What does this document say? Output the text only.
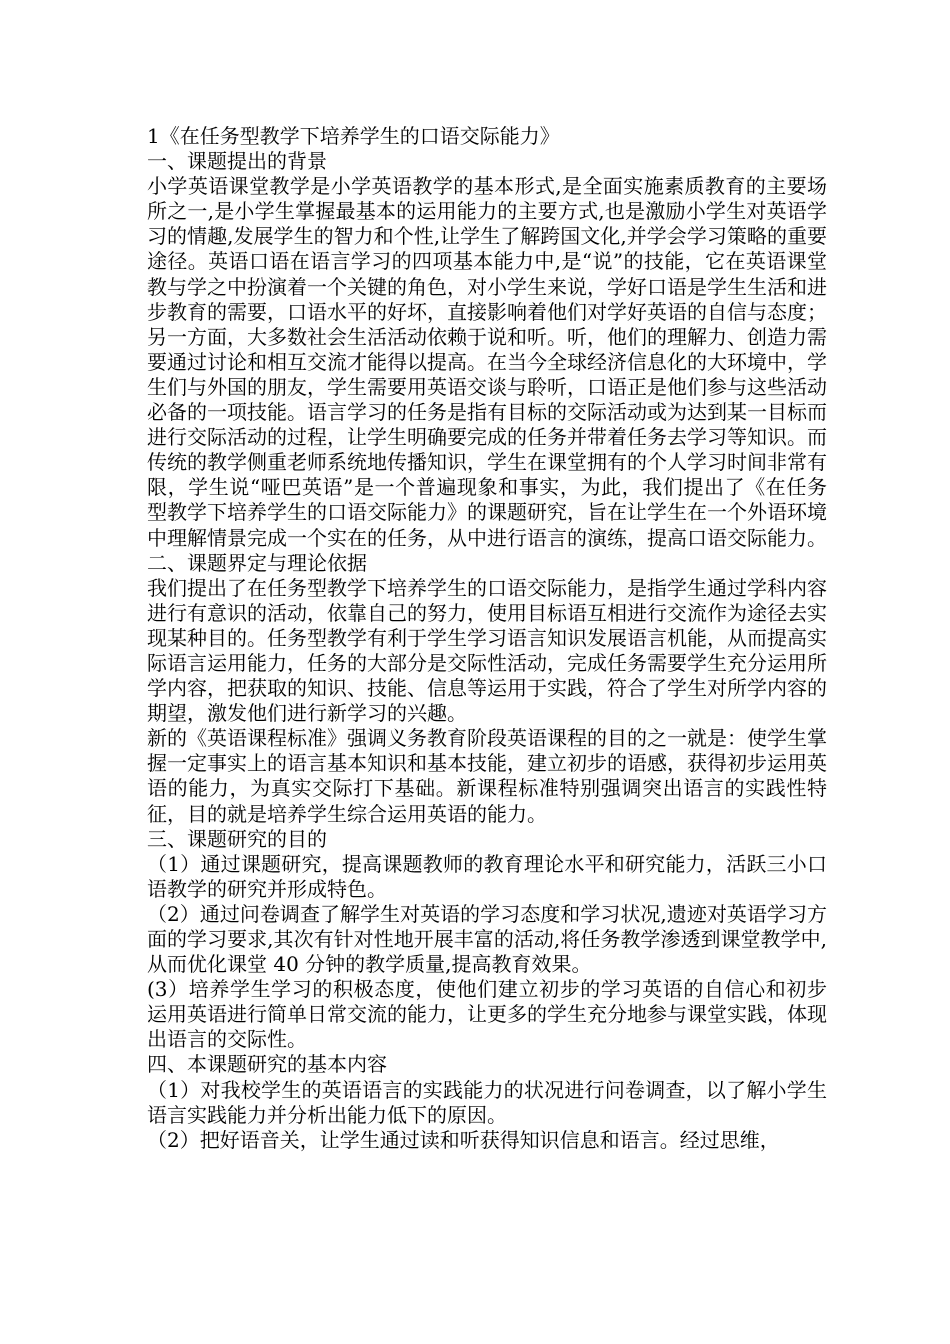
1《在任务型教学下培养学生的口语交际能力》

一、课题提出的背景

小学英语课堂教学是小学英语教学的基本形式,是全面实施素质教育的主要场所之一,是小学生掌握最基本的运用能力的主要方式,也是激励小学生对英语学习的情趣,发展学生的智力和个性,让学生了解跨国文化,并学会学习策略的重要途径。英语口语在语言学习的四项基本能力中,是“说”的技能，它在英语课堂教与学之中扮演着一个关键的角色，对小学生来说，学好口语是学生生活和进步教育的需要，口语水平的好坏，直接影响着他们对学好英语的自信与态度；另一方面，大多数社会生活活动依赖于说和听。听，他们的理解力、创造力需要通过讨论和相互交流才能得以提高。在当今全球经济信息化的大环境中，学生们与外国的朋友，学生需要用英语交谈与聆听，口语正是他们参与这些活动必备的一项技能。语言学习的任务是指有目标的交际活动或为达到某一目标而进行交际活动的过程，让学生明确要完成的任务并带着任务去学习等知识。而传统的教学侧重老师系统地传播知识，学生在课堂拥有的个人学习时间非常有限，学生说“哑巴英语”是一个普遍现象和事实，为此，我们提出了《在任务型教学下培养学生的口语交际能力》的课题研究，旨在让学生在一个外语环境中理解情景完成一个实在的任务，从中进行语言的演练，提高口语交际能力。

二、课题界定与理论依据

我们提出了在任务型教学下培养学生的口语交际能力，是指学生通过学科内容进行有意识的活动，依靠自己的努力，使用目标语互相进行交流作为途径去实现某种目的。任务型教学有利于学生学习语言知识发展语言机能，从而提高实际语言运用能力，任务的大部分是交际性活动，完成任务需要学生充分运用所学内容，把获取的知识、技能、信息等运用于实践，符合了学生对所学内容的期望，激发他们进行新学习的兴趣。

新的《英语课程标准》强调义务教育阶段英语课程的目的之一就是：使学生掌握一定事实上的语言基本知识和基本技能，建立初步的语感，获得初步运用英语的能力，为真实交际打下基础。新课程标准特别强调突出语言的实践性特征，目的就是培养学生综合运用英语的能力。

三、课题研究的目的

（1）通过课题研究，提高课题教师的教育理论水平和研究能力，活跃三小口语教学的研究并形成特色。

（2）通过问卷调查了解学生对英语的学习态度和学习状况,遗迹对英语学习方面的学习要求,其次有针对性地开展丰富的活动,将任务教学渗透到课堂教学中,从而优化课堂 40 分钟的教学质量,提高教育效果。

(3）培养学生学习的积极态度，使他们建立初步的学习英语的自信心和初步运用英语进行简单日常交流的能力，让更多的学生充分地参与课堂实践，体现出语言的交际性。

四、本课题研究的基本内容

（1）对我校学生的英语语言的实践能力的状况进行问卷调查，以了解小学生语言实践能力并分析出能力低下的原因。

（2）把好语音关，让学生通过读和听获得知识信息和语言。经过思维，
